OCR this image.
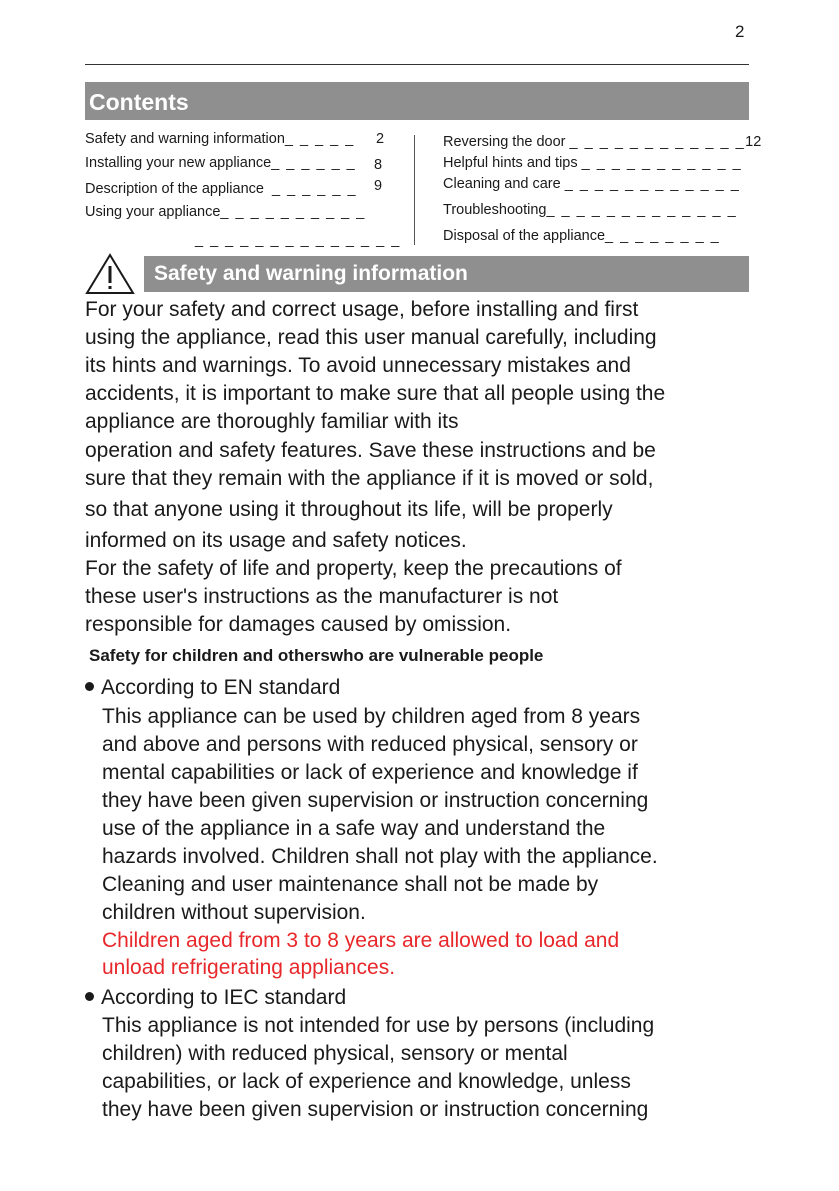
2
Contents
Safety and warning information_ _ _ _ _ 2
Installing your new appliance_ _ _ _ _ _ 8
Description of the appliance _ _ _ _ _ _ 9
Using your appliance_ _ _ _ _ _ _ _ _ _
_ _ _ _ _ _ _ _ _ _ _ _ _ _
Reversing the door _ _ _ _ _ _ _ _ _ _ _ _12
Helpful hints and tips _ _ _ _ _ _ _ _ _ _ _
Cleaning and care _ _ _ _ _ _ _ _ _ _ _ _
Troubleshooting_ _ _ _ _ _ _ _ _ _ _ _ _
Disposal of the appliance_ _ _ _ _ _ _ _
Safety and warning information
For your safety and correct usage, before installing and first
using the appliance, read this user manual carefully, including
its hints and warnings. To avoid unnecessary mistakes and
accidents, it is important to make sure that all people using the
appliance are thoroughly familiar with its
operation and safety features. Save these instructions and be
sure that they remain with the appliance if it is moved or sold,
so that anyone using it throughout its life, will be properly
informed on its usage and safety notices.
For the safety of life and property, keep the precautions of
these user's instructions as the manufacturer is not
responsible for damages caused by omission.
Safety for children and otherswho are vulnerable people
According to EN standard
This appliance can be used by children aged from 8 years
and above and persons with reduced physical, sensory or
mental capabilities or lack of experience and knowledge if
they have been given supervision or instruction concerning
use of the appliance in a safe way and understand the
hazards involved. Children shall not play with the appliance.
Cleaning and user maintenance shall not be made by
children without supervision.
Children aged from 3 to 8 years are allowed to load and
unload refrigerating appliances.
According to IEC standard
This appliance is not intended for use by persons (including
children) with reduced physical, sensory or mental
capabilities, or lack of experience and knowledge, unless
they have been given supervision or instruction concerning
